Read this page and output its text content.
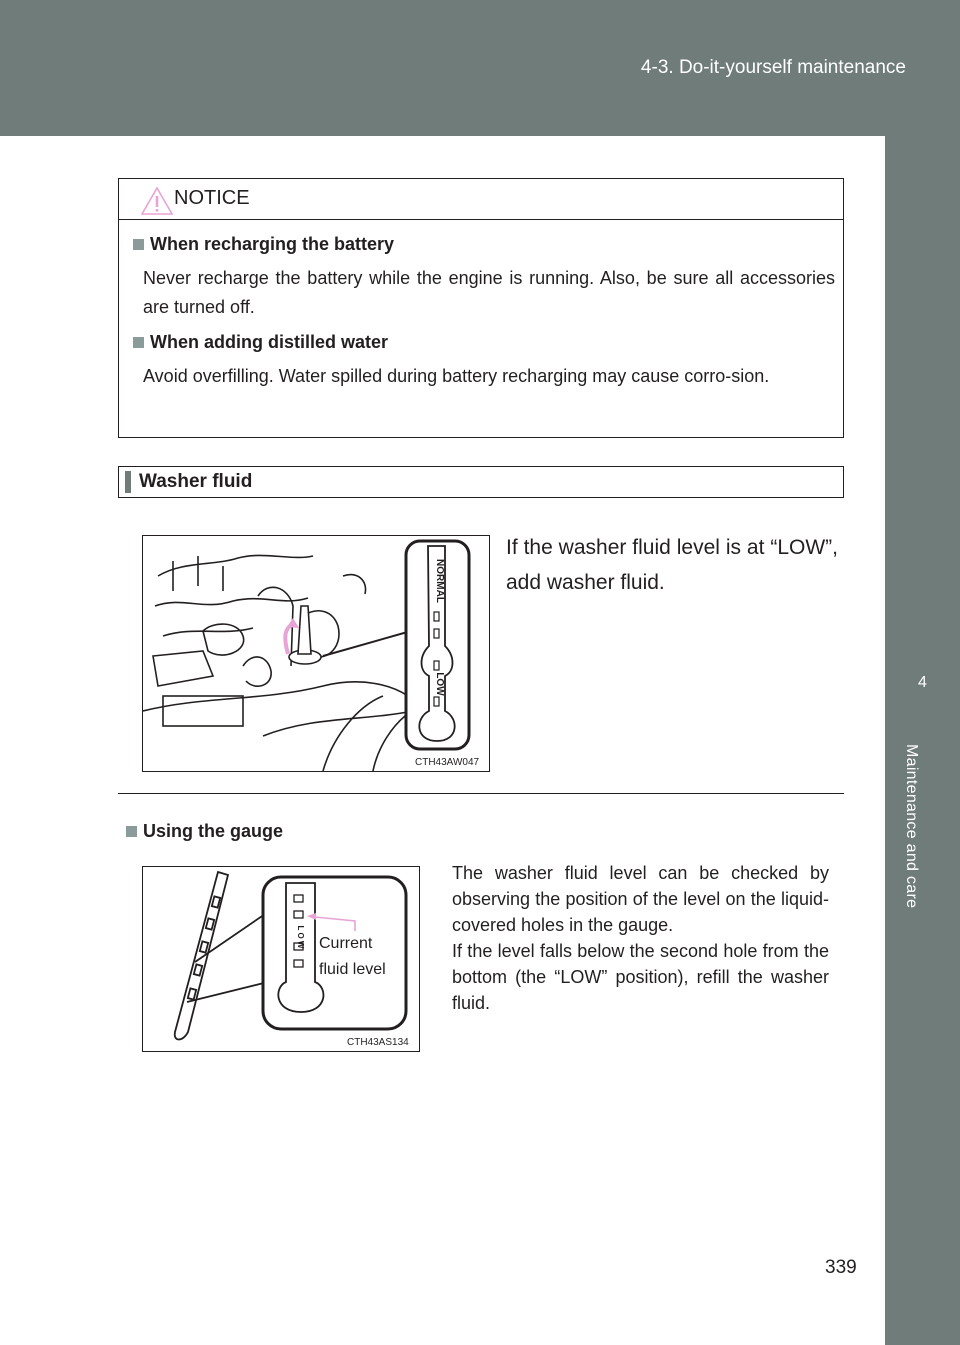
4-3. Do-it-yourself maintenance
4
Maintenance and care
NOTICE
When recharging the battery
Never recharge the battery while the engine is running. Also, be sure all accessories are turned off.
When adding distilled water
Avoid overfilling. Water spilled during battery recharging may cause corro-sion.
Washer fluid
NORMAL
LOW
CTH43AW047
If the washer fluid level is at “LOW”, add washer fluid.
Using the gauge
L O W Current
fluid level
CTH43AS134

The washer fluid level can be checked by observing the position of the level on the liquid-covered holes in the gauge.

If the level falls below the second hole from the bottom (the “LOW” position), refill the washer fluid.

339
